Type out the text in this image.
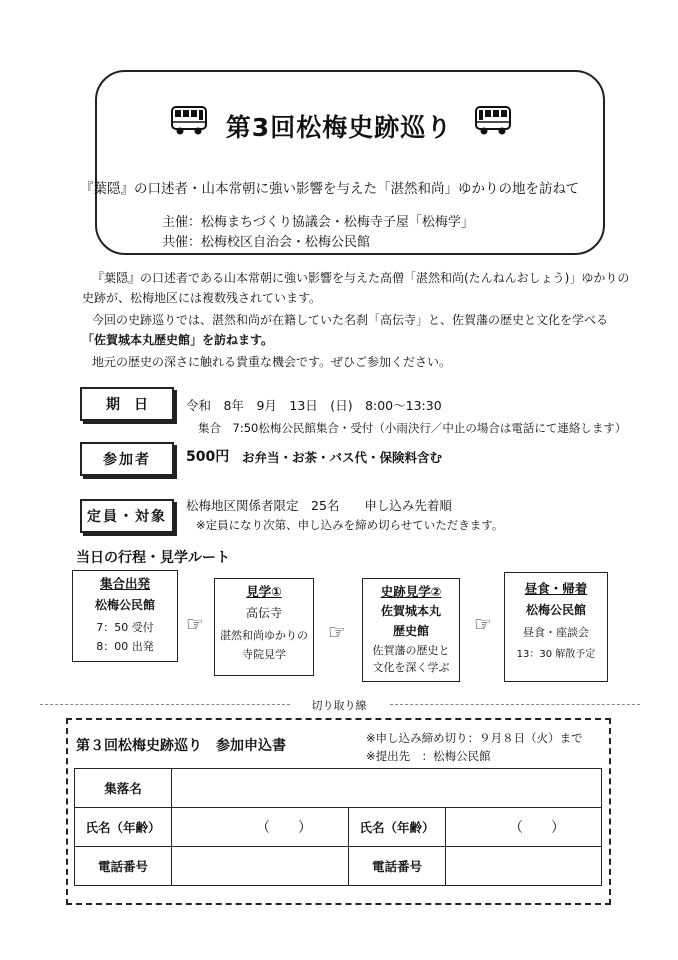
第3回松梅史跡巡り
『葉隠』の口述者・山本常朝に強い影響を与えた「湛然和尚」ゆかりの地を訪ねて
主催：松梅まちづくり協議会・松梅寺子屋「松梅学」
共催：松梅校区自治会・松梅公民館
『葉隠』の口述者である山本常朝に強い影響を与えた高僧「湛然和尚(たんねんおしょう)」ゆかりの
史跡が、松梅地区には複数残されています。
今回の史跡巡りでは、湛然和尚が在籍していた名刹「高伝寺」と、佐賀藩の歴史と文化を学べる
「佐賀城本丸歴史館」を訪ねます。
地元の歴史の深さに触れる貴重な機会です。ぜひご参加ください。
期日	令和　8年　9月　13日　(日)　8:00〜13:30
集合　7:50松梅公民館集合・受付（小雨決行／中止の場合は電話にて連絡します）
参加者	500円 お弁当・お茶・バス代・保険料含む
定員・対象
松梅地区関係者限定　25名　　申し込み先着順
※定員になり次第、申し込みを締め切らせていただきます。
当日の行程・見学ルート
集合出発
松梅公民館
7：50 受付
8：00 出発
☞
見学①
高伝寺
湛然和尚ゆかりの
寺院見学
☞
史跡見学②
佐賀城本丸
歴史館
佐賀藩の歴史と
文化を深く学ぶ
☞
昼食・帰着
松梅公民館
昼食・座談会
13：30 解散予定
切り取り線
第３回松梅史跡巡り　参加申込書	※申し込み締め切り：９月８日（火）まで
※提出先　：松梅公民館
集落名			
氏名（年齢）	（）	氏名（年齢）	（）
電話番号		電話番号	
